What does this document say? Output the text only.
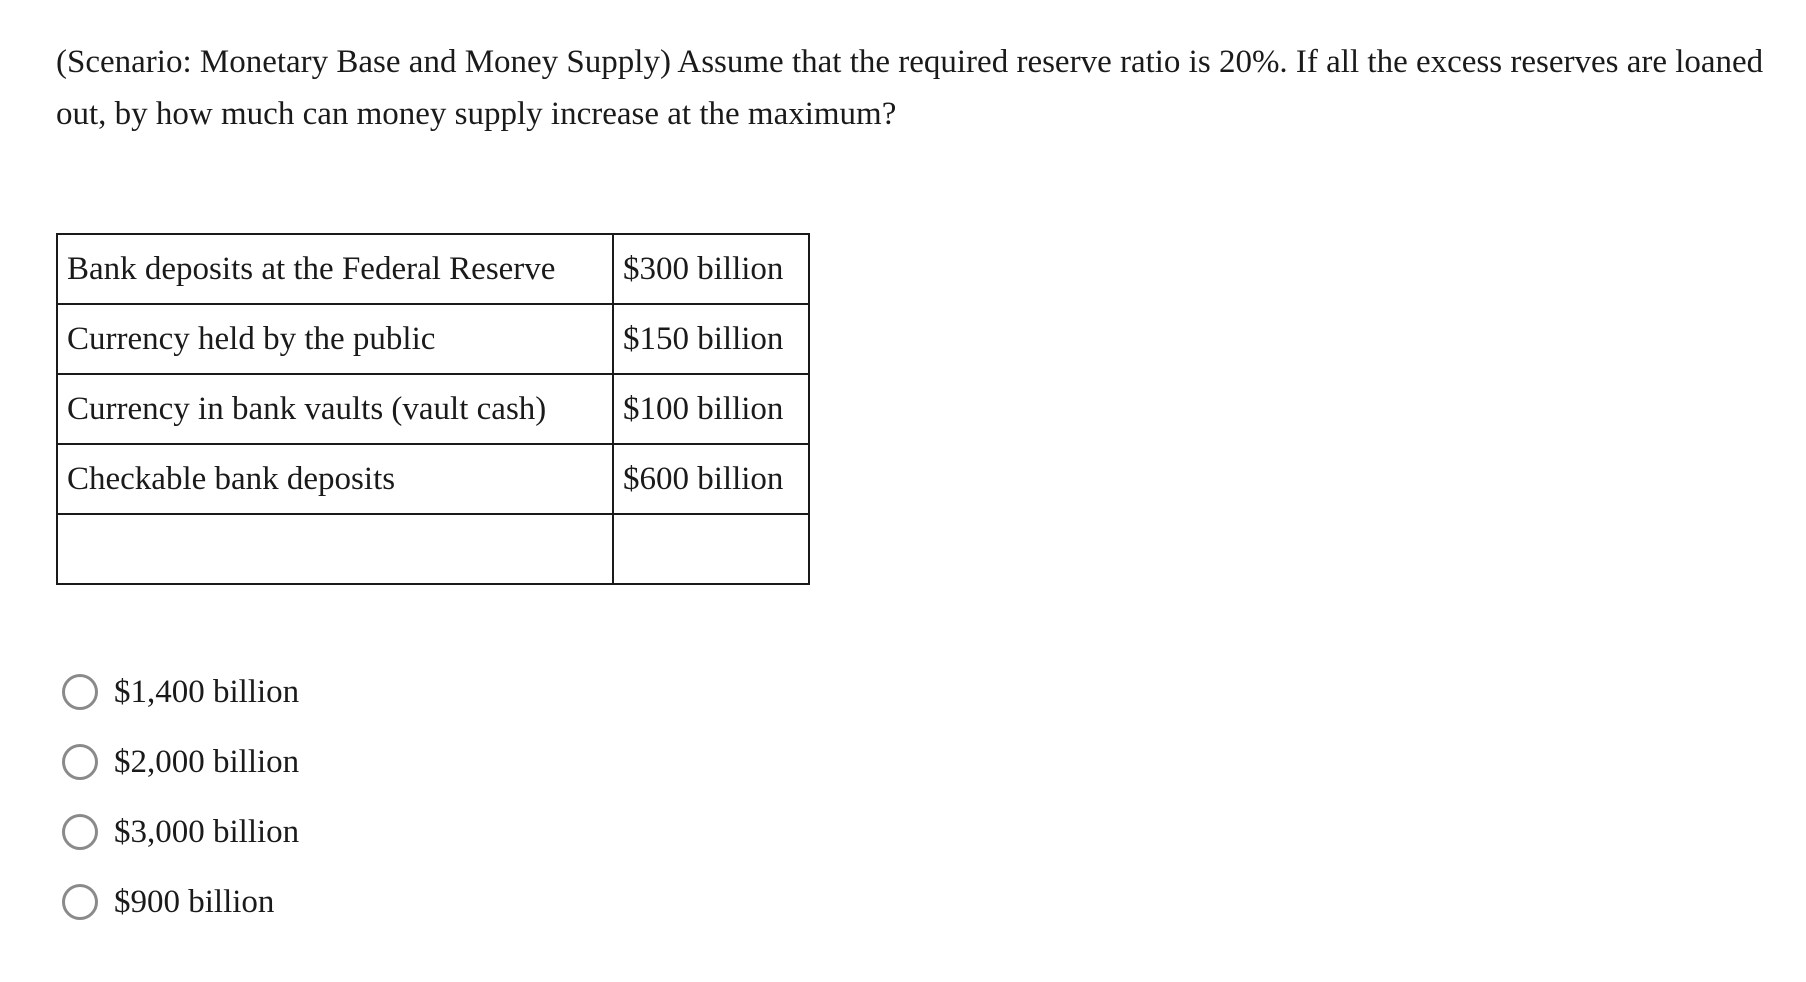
(Scenario: Monetary Base and Money Supply) Assume that the required reserve ratio is 20%. If all the excess reserves are loaned out, by how much can money supply increase at the maximum?

Bank deposits at the Federal Reserve	$300 billion
Currency held by the public	$150 billion
Currency in bank vaults (vault cash)	$100 billion
Checkable bank deposits	$600 billion

$1,400 billion
$2,000 billion
$3,000 billion
$900 billion
